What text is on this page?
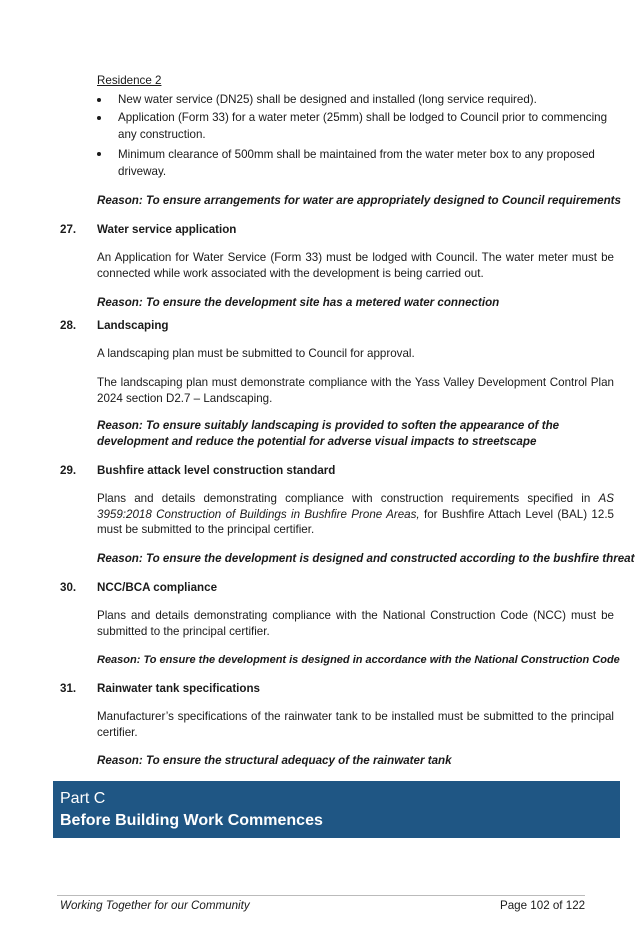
Residence 2
New water service (DN25) shall be designed and installed (long service required).
Application (Form 33) for a water meter (25mm) shall be lodged to Council prior to commencing any construction.
Minimum clearance of 500mm shall be maintained from the water meter box to any proposed driveway.
Reason: To ensure arrangements for water are appropriately designed to Council requirements
27. Water service application
An Application for Water Service (Form 33) must be lodged with Council. The water meter must be connected while work associated with the development is being carried out.
Reason: To ensure the development site has a metered water connection
28. Landscaping
A landscaping plan must be submitted to Council for approval.
The landscaping plan must demonstrate compliance with the Yass Valley Development Control Plan 2024 section D2.7 – Landscaping.
Reason: To ensure suitably landscaping is provided to soften the appearance of the development and reduce the potential for adverse visual impacts to streetscape
29. Bushfire attack level construction standard
Plans and details demonstrating compliance with construction requirements specified in AS 3959:2018 Construction of Buildings in Bushfire Prone Areas, for Bushfire Attach Level (BAL) 12.5 must be submitted to the principal certifier.
Reason: To ensure the development is designed and constructed according to the bushfire threat
30. NCC/BCA compliance
Plans and details demonstrating compliance with the National Construction Code (NCC) must be submitted to the principal certifier.
Reason: To ensure the development is designed in accordance with the National Construction Code
31. Rainwater tank specifications
Manufacturer’s specifications of the rainwater tank to be installed must be submitted to the principal certifier.
Reason: To ensure the structural adequacy of the rainwater tank
Part C
Before Building Work Commences
Working Together for our Community	Page 102 of 122
